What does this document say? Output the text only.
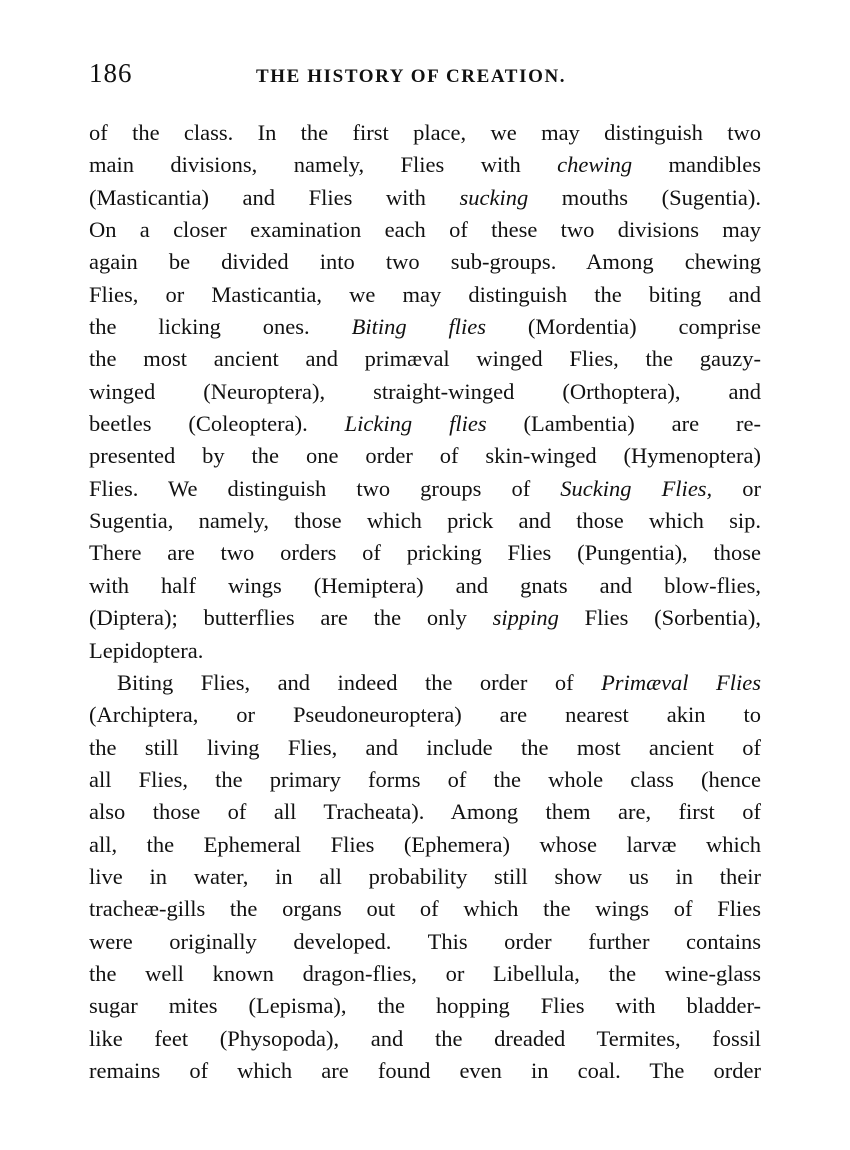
186	THE HISTORY OF CREATION.
of the class. In the first place, we may distinguish two
main divisions, namely, Flies with chewing mandibles
(Masticantia) and Flies with sucking mouths (Sugentia).
On a closer examination each of these two divisions may
again be divided into two sub-groups. Among chewing
Flies, or Masticantia, we may distinguish the biting and
the licking ones. Biting flies (Mordentia) comprise
the most ancient and primæval winged Flies, the gauzy-
winged (Neuroptera), straight-winged (Orthoptera), and
beetles (Coleoptera). Licking flies (Lambentia) are re-
presented by the one order of skin-winged (Hymenoptera)
Flies. We distinguish two groups of Sucking Flies, or
Sugentia, namely, those which prick and those which sip.
There are two orders of pricking Flies (Pungentia), those
with half wings (Hemiptera) and gnats and blow-flies,
(Diptera); butterflies are the only sipping Flies (Sorbentia),
Lepidoptera.
Biting Flies, and indeed the order of Primæval Flies
(Archiptera, or Pseudoneuroptera) are nearest akin to
the still living Flies, and include the most ancient of
all Flies, the primary forms of the whole class (hence
also those of all Tracheata). Among them are, first of
all, the Ephemeral Flies (Ephemera) whose larvæ which
live in water, in all probability still show us in their
tracheæ-gills the organs out of which the wings of Flies
were originally developed. This order further contains
the well known dragon-flies, or Libellula, the wine-glass
sugar mites (Lepisma), the hopping Flies with bladder-
like feet (Physopoda), and the dreaded Termites, fossil
remains of which are found even in coal. The order
